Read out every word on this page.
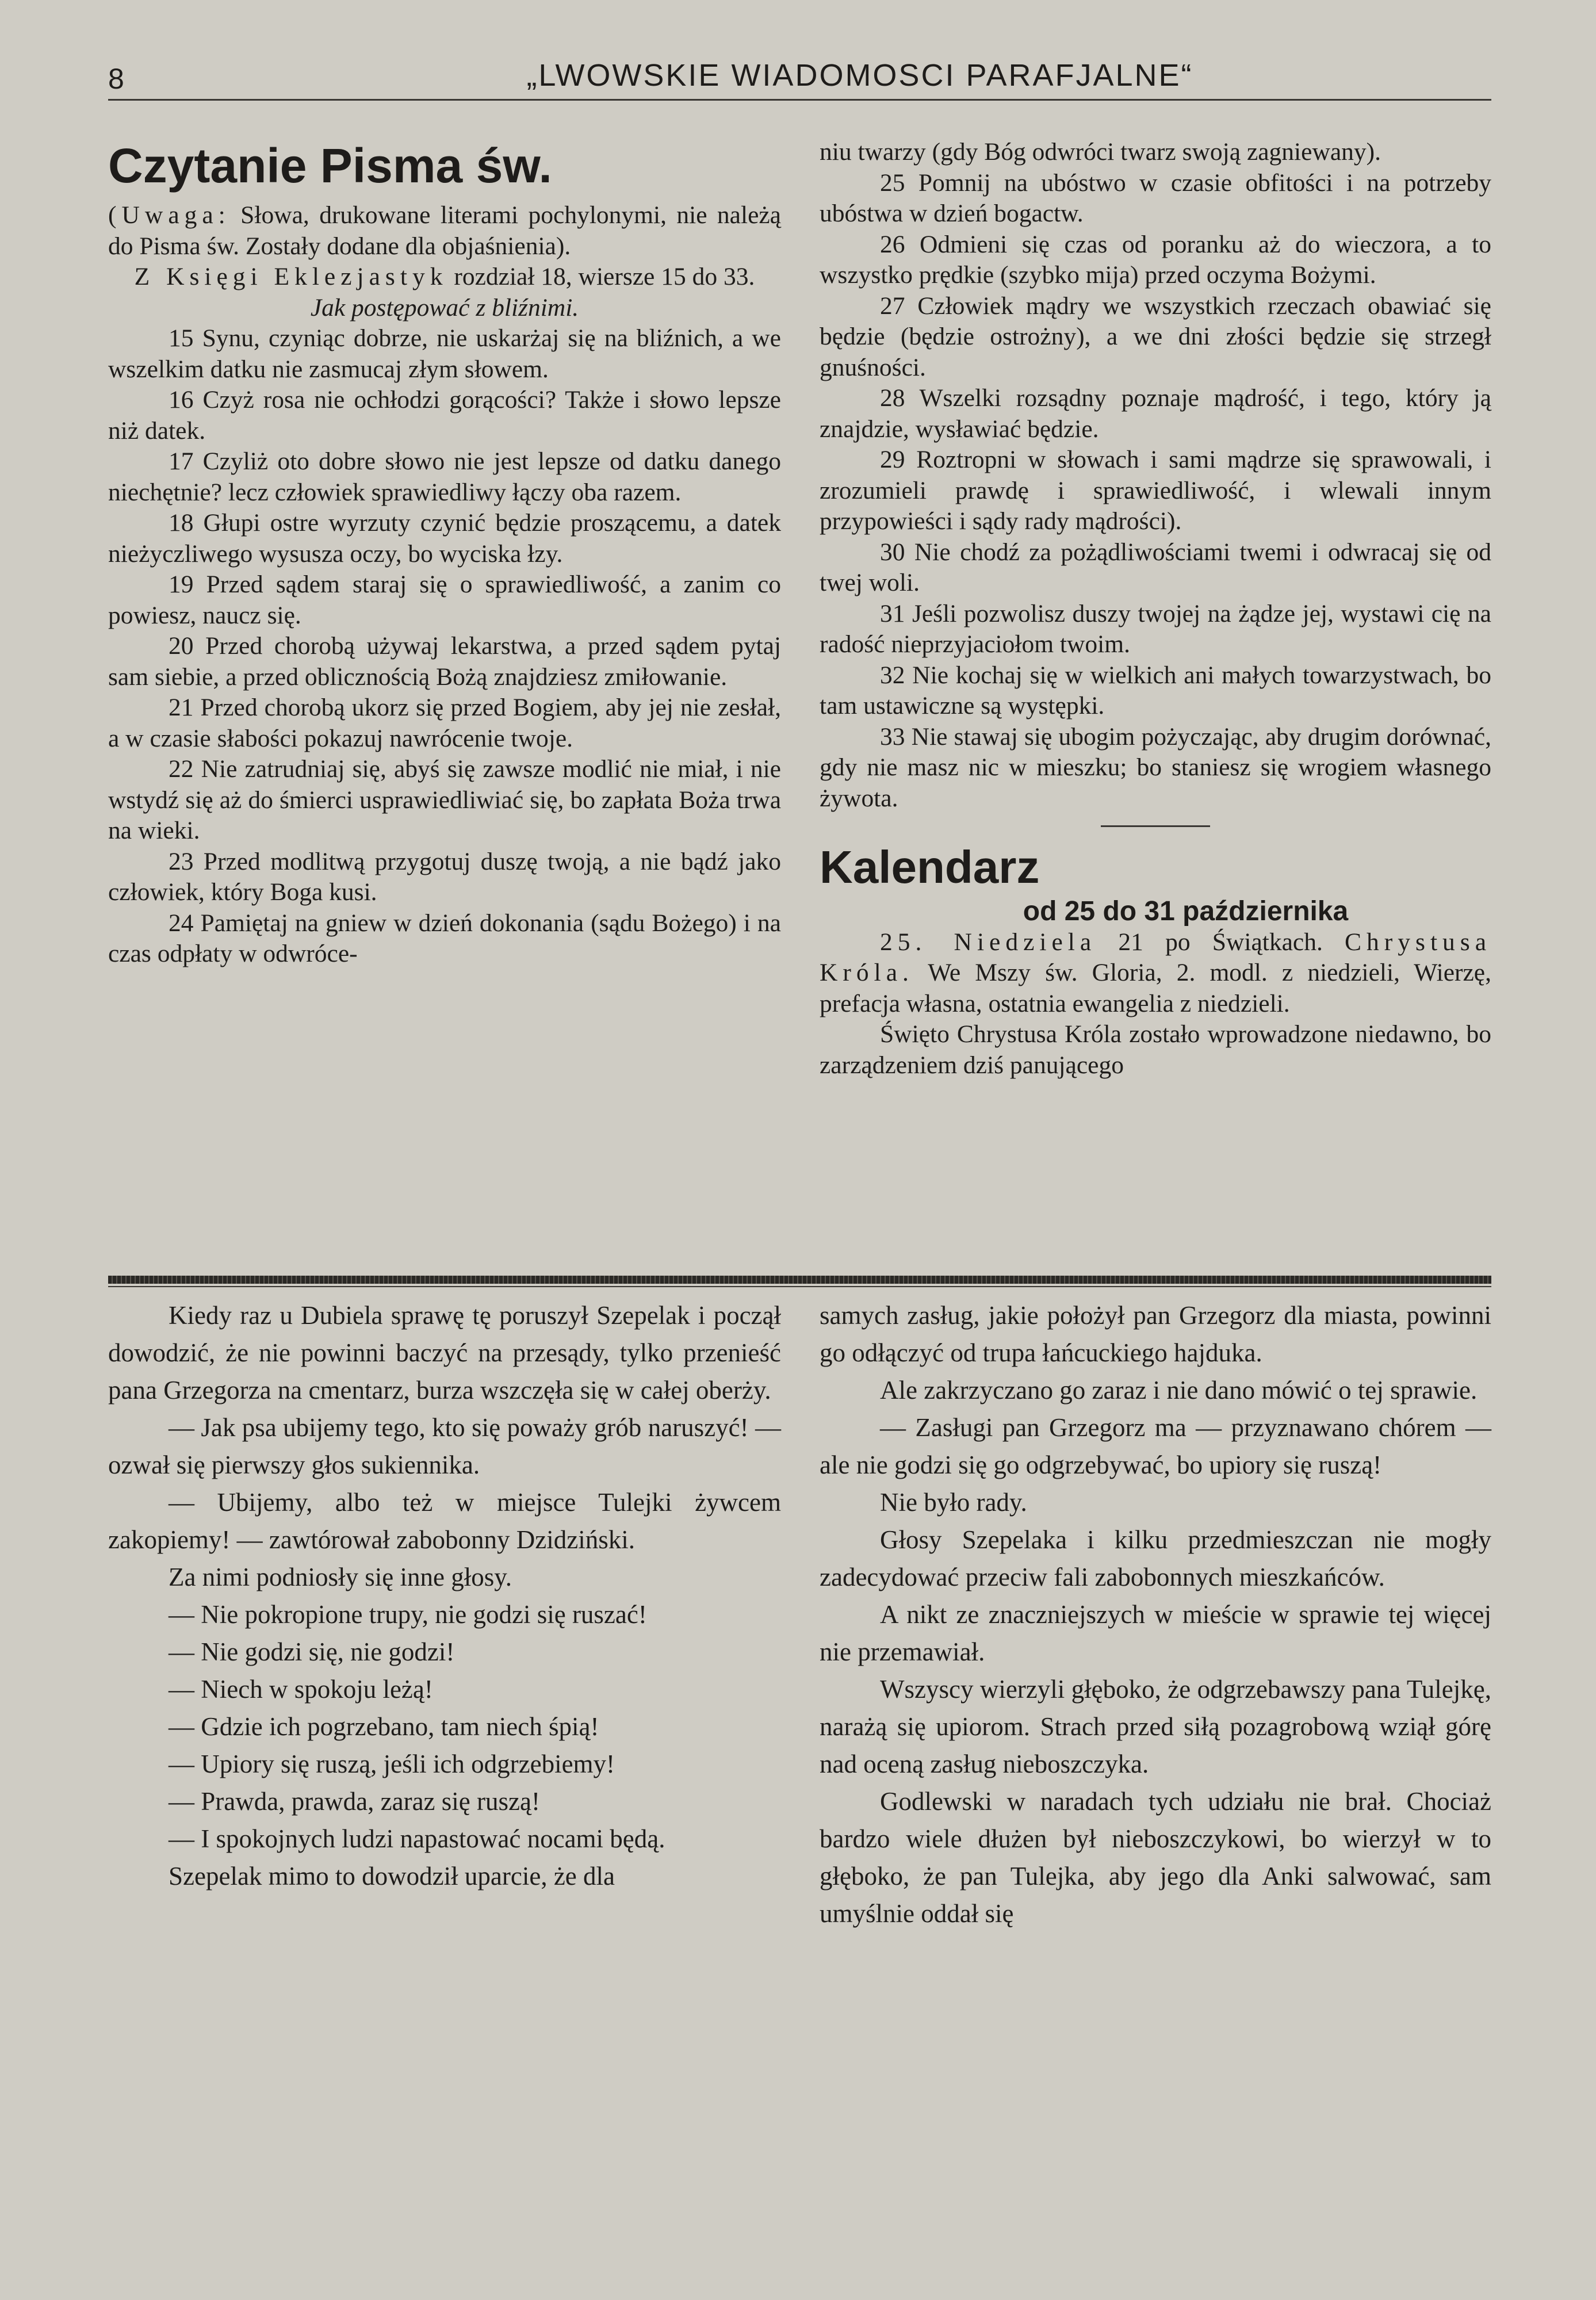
8	„LWOWSKIE WIADOMOSCI PARAFJALNE“
Czytanie Pisma św.

(Uwaga: Słowa, drukowane literami pochylonymi, nie należą do Pisma św. Zostały dodane dla objaśnienia).

Z Księgi Eklezjastyk rozdział 18, wiersze 15 do 33.

Jak postępować z bliźnimi.

15 Synu, czyniąc dobrze, nie uskarżaj się na bliźnich, a we wszelkim datku nie zasmucaj złym słowem.

16 Czyż rosa nie ochłodzi gorącości? Także i słowo lepsze niż datek.

17 Czyliż oto dobre słowo nie jest lepsze od datku danego niechętnie? lecz człowiek sprawiedliwy łączy oba razem.

18 Głupi ostre wyrzuty czynić będzie proszącemu, a datek nieżyczliwego wysusza oczy, bo wyciska łzy.

19 Przed sądem staraj się o sprawiedliwość, a zanim co powiesz, naucz się.

20 Przed chorobą używaj lekarstwa, a przed sądem pytaj sam siebie, a przed oblicznością Bożą znajdziesz zmiłowanie.

21 Przed chorobą ukorz się przed Bogiem, aby jej nie zesłał, a w czasie słabości pokazuj nawrócenie twoje.

22 Nie zatrudniaj się, abyś się zawsze modlić nie miał, i nie wstydź się aż do śmierci usprawiedliwiać się, bo zapłata Boża trwa na wieki.

23 Przed modlitwą przygotuj duszę twoją, a nie bądź jako człowiek, który Boga kusi.

24 Pamiętaj na gniew w dzień dokonania (sądu Bożego) i na czas odpłaty w odwróce-

niu twarzy (gdy Bóg odwróci twarz swoją zagniewany).

25 Pomnij na ubóstwo w czasie obfitości i na potrzeby ubóstwa w dzień bogactw.

26 Odmieni się czas od poranku aż do wieczora, a to wszystko prędkie (szybko mija) przed oczyma Bożymi.

27 Człowiek mądry we wszystkich rzeczach obawiać się będzie (będzie ostrożny), a we dni złości będzie się strzegł gnuśności.

28 Wszelki rozsądny poznaje mądrość, i tego, który ją znajdzie, wysławiać będzie.

29 Roztropni w słowach i sami mądrze się sprawowali, i zrozumieli prawdę i sprawiedliwość, i wlewali innym przypowieści i sądy rady mądrości).

30 Nie chodź za pożądliwościami twemi i odwracaj się od twej woli.

31 Jeśli pozwolisz duszy twojej na żądze jej, wystawi cię na radość nieprzyjaciołom twoim.

32 Nie kochaj się w wielkich ani małych towarzystwach, bo tam ustawiczne są występki.

33 Nie stawaj się ubogim pożyczając, aby drugim dorównać, gdy nie masz nic w mieszku; bo staniesz się wrogiem własnego żywota.

Kalendarz

od 25 do 31 października

25. Niedziela 21 po Świątkach. Chrystusa Króla. We Mszy św. Gloria, 2. modl. z niedzieli, Wierzę, prefacja własna, ostatnia ewangelia z niedzieli.

Święto Chrystusa Króla zostało wprowadzone niedawno, bo zarządzeniem dziś panującego

Kiedy raz u Dubiela sprawę tę poruszył Szepelak i począł dowodzić, że nie powinni baczyć na przesądy, tylko przenieść pana Grzegorza na cmentarz, burza wszczęła się w całej oberży.

— Jak psa ubijemy tego, kto się poważy grób naruszyć! — ozwał się pierwszy głos sukiennika.

— Ubijemy, albo też w miejsce Tulejki żywcem zakopiemy! — zawtórował zabobonny Dzidziński.

Za nimi podniosły się inne głosy.

— Nie pokropione trupy, nie godzi się ruszać!

— Nie godzi się, nie godzi!

— Niech w spokoju leżą!

— Gdzie ich pogrzebano, tam niech śpią!

— Upiory się ruszą, jeśli ich odgrzebiemy!

— Prawda, prawda, zaraz się ruszą!

— I spokojnych ludzi napastować nocami będą.

Szepelak mimo to dowodził uparcie, że dla

samych zasług, jakie położył pan Grzegorz dla miasta, powinni go odłączyć od trupa łańcuckiego hajduka.

Ale zakrzyczano go zaraz i nie dano mówić o tej sprawie.

— Zasługi pan Grzegorz ma — przyznawano chórem — ale nie godzi się go odgrzebywać, bo upiory się ruszą!

Nie było rady.

Głosy Szepelaka i kilku przedmieszczan nie mogły zadecydować przeciw fali zabobonnych mieszkańców.

A nikt ze znaczniejszych w mieście w sprawie tej więcej nie przemawiał.

Wszyscy wierzyli głęboko, że odgrzebawszy pana Tulejkę, narażą się upiorom. Strach przed siłą pozagrobową wziął górę nad oceną zasług nieboszczyka.

Godlewski w naradach tych udziału nie brał. Chociaż bardzo wiele dłużen był nieboszczykowi, bo wierzył w to głęboko, że pan Tulejka, aby jego dla Anki salwować, sam umyślnie oddał się
